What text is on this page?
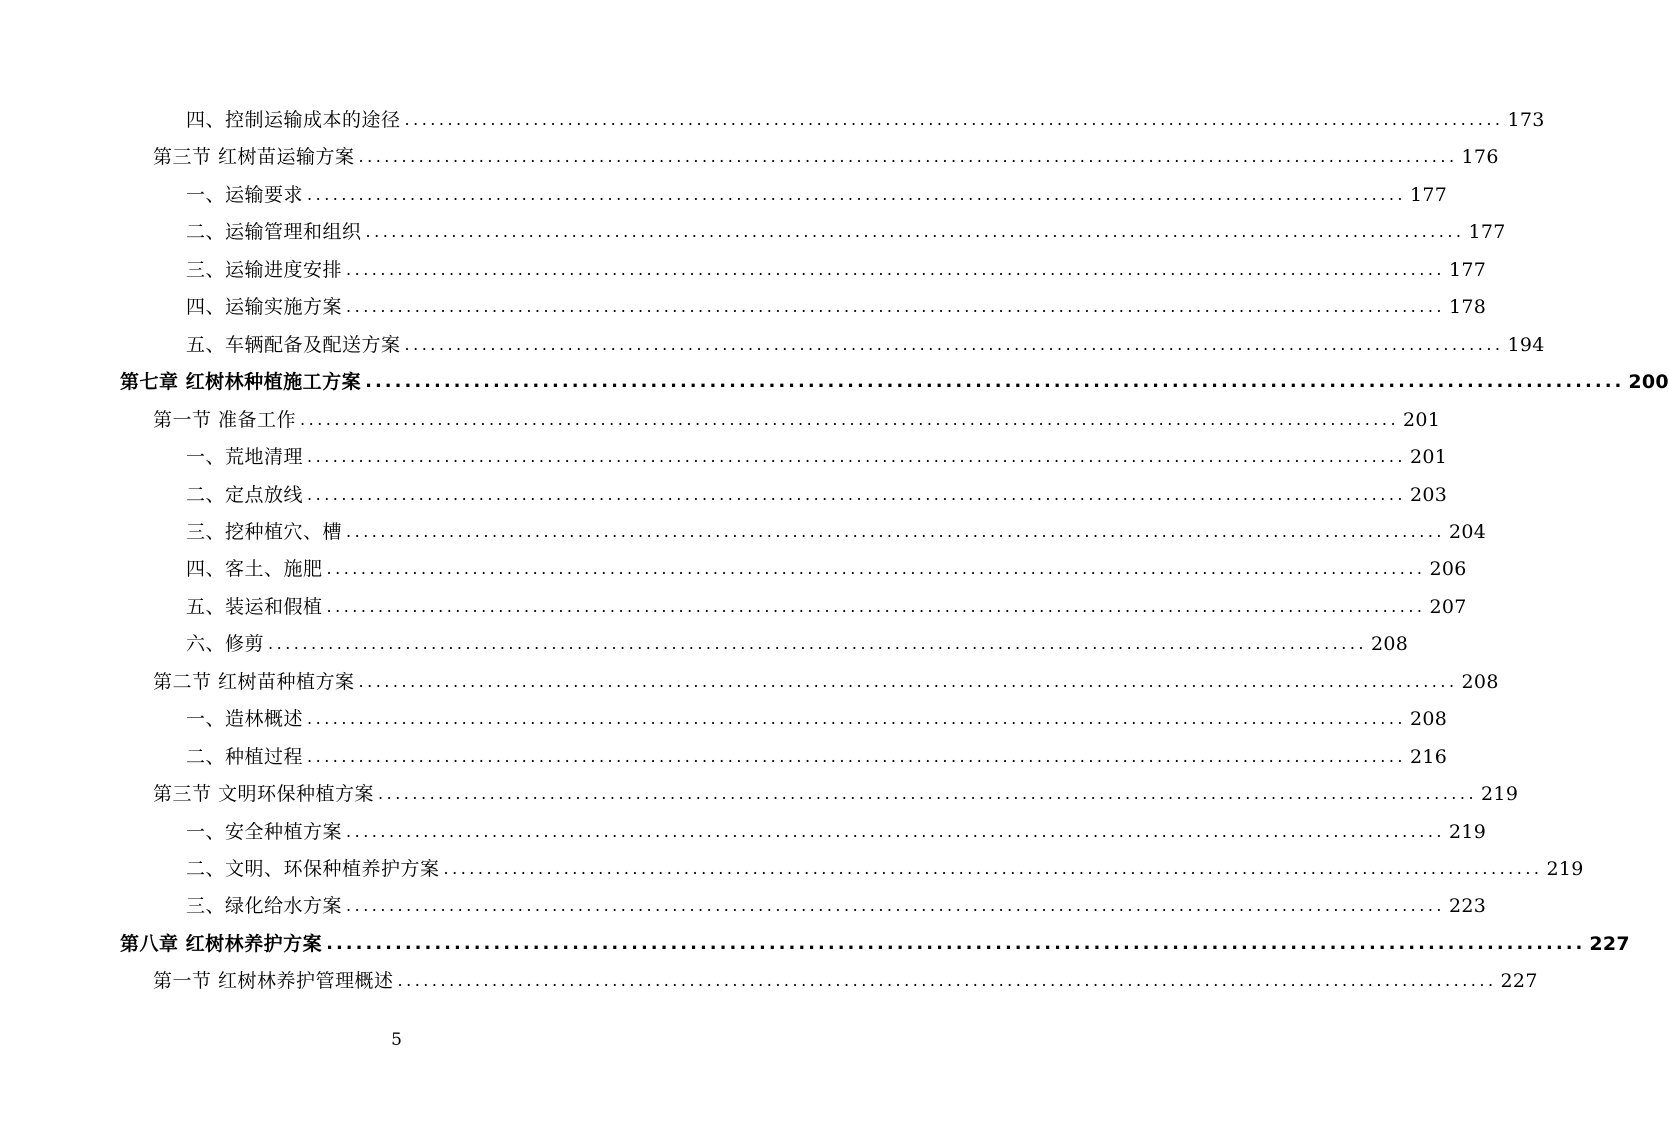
四、控制运输成本的途径 ................................................................................................................................ 173
第三节 红树苗运输方案 ................................................................................................................................ 176
一、运输要求 ................................................................................................................................ 177
二、运输管理和组织 ................................................................................................................................ 177
三、运输进度安排 ................................................................................................................................ 177
四、运输实施方案 ................................................................................................................................ 178
五、车辆配备及配送方案 ................................................................................................................................ 194
第七章 红树林种植施工方案 ................................................................................................................................ 200
第一节 准备工作 ................................................................................................................................ 201
一、荒地清理 ................................................................................................................................ 201
二、定点放线 ................................................................................................................................ 203
三、挖种植穴、槽 ................................................................................................................................ 204
四、客土、施肥 ................................................................................................................................ 206
五、装运和假植 ................................................................................................................................ 207
六、修剪 ................................................................................................................................ 208
第二节 红树苗种植方案 ................................................................................................................................ 208
一、造林概述 ................................................................................................................................ 208
二、种植过程 ................................................................................................................................ 216
第三节 文明环保种植方案 ................................................................................................................................ 219
一、安全种植方案 ................................................................................................................................ 219
二、文明、环保种植养护方案 ................................................................................................................................ 219
三、绿化给水方案 ................................................................................................................................ 223
第八章 红树林养护方案 ................................................................................................................................ 227
第一节 红树林养护管理概述 ................................................................................................................................ 227
5
